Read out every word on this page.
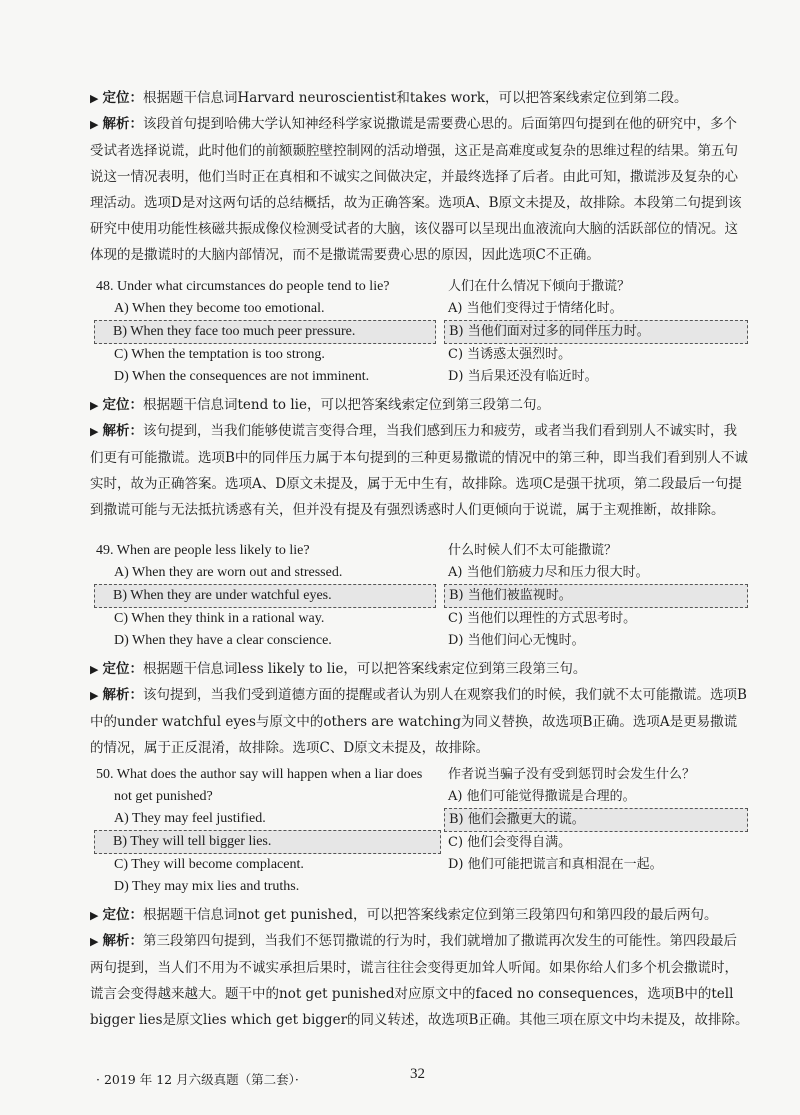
▶ 定位：根据题干信息词Harvard neuroscientist和takes work，可以把答案线索定位到第二段。
▶ 解析：该段首句提到哈佛大学认知神经科学家说撒谎是需要费心思的。后面第四句提到在他的研究中，多个受试者选择说谎，此时他们的前额颞腔壁控制网的活动增强，这正是高难度或复杂的思维过程的结果。第五句说这一情况表明，他们当时正在真相和不诚实之间做决定，并最终选择了后者。由此可知，撒谎涉及复杂的心理活动。选项D是对这两句话的总结概括，故为正确答案。选项A、B原文未提及，故排除。本段第二句提到该研究中使用功能性核磁共振成像仪检测受试者的大脑，该仪器可以呈现出血液流向大脑的活跃部位的情况。这体现的是撒谎时的大脑内部情况，而不是撒谎需要费心思的原因，因此选项C不正确。
48. Under what circumstances do people tend to lie?
A) When they become too emotional.
B) When they face too much peer pressure.
C) When the temptation is too strong.
D) When the consequences are not imminent.
人们在什么情况下倾向于撒谎？
A) 当他们变得过于情绪化时。
B) 当他们面对过多的同伴压力时。
C) 当诱惑太强烈时。
D) 当后果还没有临近时。
▶ 定位：根据题干信息词tend to lie，可以把答案线索定位到第三段第二句。
▶ 解析：该句提到，当我们能够使谎言变得合理，当我们感到压力和疲劳，或者当我们看到别人不诚实时，我们更有可能撒谎。选项B中的同伴压力属于本句提到的三种更易撒谎的情况中的第三种，即当我们看到别人不诚实时，故为正确答案。选项A、D原文未提及，属于无中生有，故排除。选项C是强干扰项，第二段最后一句提到撒谎可能与无法抵抗诱惑有关，但并没有提及有强烈诱惑时人们更倾向于说谎，属于主观推断，故排除。
49. When are people less likely to lie?
A) When they are worn out and stressed.
B) When they are under watchful eyes.
C) When they think in a rational way.
D) When they have a clear conscience.
什么时候人们不太可能撒谎？
A) 当他们筋疲力尽和压力很大时。
B) 当他们被监视时。
C) 当他们以理性的方式思考时。
D) 当他们问心无愧时。
▶ 定位：根据题干信息词less likely to lie，可以把答案线索定位到第三段第三句。
▶ 解析：该句提到，当我们受到道德方面的提醒或者认为别人在观察我们的时候，我们就不太可能撒谎。选项B中的under watchful eyes与原文中的others are watching为同义替换，故选项B正确。选项A是更易撒谎的情况，属于正反混淆，故排除。选项C、D原文未提及，故排除。
50. What does the author say will happen when a liar does
not get punished?
A) They may feel justified.
B) They will tell bigger lies.
C) They will become complacent.
D) They may mix lies and truths.
作者说当骗子没有受到惩罚时会发生什么？
A) 他们可能觉得撒谎是合理的。
B) 他们会撒更大的谎。
C) 他们会变得自满。
D) 他们可能把谎言和真相混在一起。
▶ 定位：根据题干信息词not get punished，可以把答案线索定位到第三段第四句和第四段的最后两句。
▶ 解析：第三段第四句提到，当我们不惩罚撒谎的行为时，我们就增加了撒谎再次发生的可能性。第四段最后两句提到，当人们不用为不诚实承担后果时，谎言往往会变得更加耸人听闻。如果你给人们多个机会撒谎时，谎言会变得越来越大。题干中的not get punished对应原文中的faced no consequences，选项B中的tell bigger lies是原文lies which get bigger的同义转述，故选项B正确。其他三项在原文中均未提及，故排除。
· 2019 年 12 月六级真题（第二套）·	32
